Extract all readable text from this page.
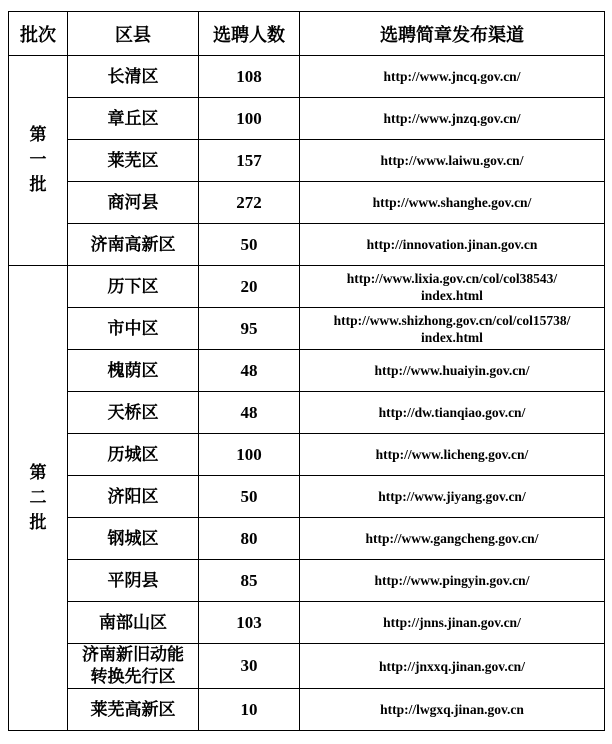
批次	区县	选聘人数	选聘简章发布渠道

第
一
批	长清区	108	http://www.jncq.gov.cn/
	章丘区	100	http://www.jnzq.gov.cn/
	莱芜区	157	http://www.laiwu.gov.cn/
	商河县	272	http://www.shanghe.gov.cn/
	济南高新区	50	http://innovation.jinan.gov.cn

第
二
批	历下区	20	http://www.lixia.gov.cn/col/col38543/
index.html
	市中区	95	http://www.shizhong.gov.cn/col/col15738/
index.html
	槐荫区	48	http://www.huaiyin.gov.cn/
	天桥区	48	http://dw.tianqiao.gov.cn/
	历城区	100	http://www.licheng.gov.cn/
	济阳区	50	http://www.jiyang.gov.cn/
	钢城区	80	http://www.gangcheng.gov.cn/
	平阴县	85	http://www.pingyin.gov.cn/
	南部山区	103	http://jnns.jinan.gov.cn/
	济南新旧动能
转换先行区	30	http://jnxxq.jinan.gov.cn/
	莱芜高新区	10	http://lwgxq.jinan.gov.cn
